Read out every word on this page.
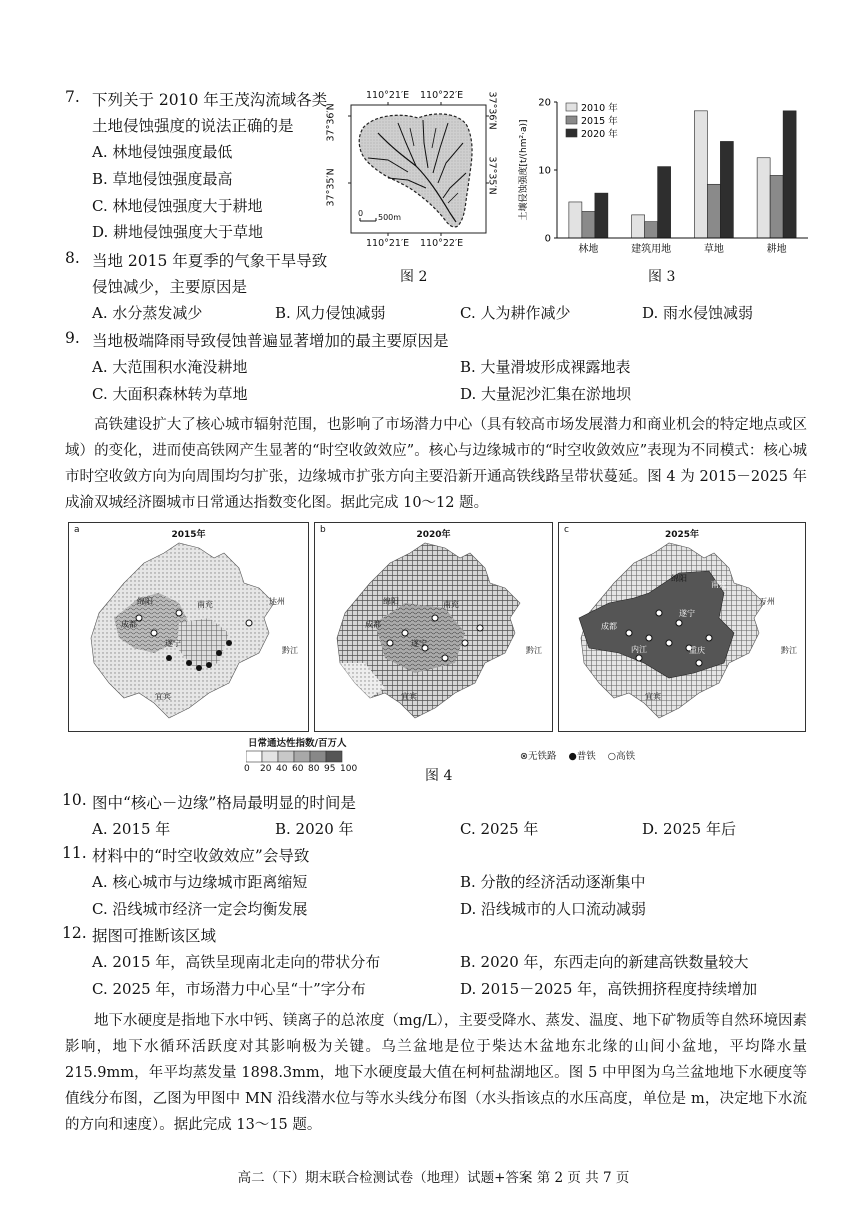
7. 下列关于 2010 年王茂沟流域各类
土地侵蚀强度的说法正确的是
A. 林地侵蚀强度最低
B. 草地侵蚀强度最高
C. 林地侵蚀强度大于耕地
D. 耕地侵蚀强度大于草地
8. 当地 2015 年夏季的气象干旱导致
侵蚀减少，主要原因是
A. 水分蒸发减少	B. 风力侵蚀减弱	C. 人为耕作减少	D. 雨水侵蚀减弱
9. 当地极端降雨导致侵蚀普遍显著增加的最主要原因是
A. 大范围积水淹没耕地	B. 大量滑坡形成裸露地表
C. 大面积森林转为草地	D. 大量泥沙汇集在淤地坝
110°21′E 110°22′E
110°21′E 110°22′E
37°36′N
37°35′N
37°36′N
37°35′N
0 500m
图 2
0
10
20
林地	建筑用地	草地	耕地
2010 年
2015 年
2020 年
土壤侵蚀强度[t/(hm²·a)]
图 3
高铁建设扩大了核心城市辐射范围，也影响了市场潜力中心（具有较高市场发展潜力和商业机会的特定地点或区域）的变化，进而使高铁网产生显著的“时空收敛效应”。核心与边缘城市的“时空收敛效应”表现为不同模式：核心城市时空收敛方向为向周围均匀扩张，边缘城市扩张方向主要沿新开通高铁线路呈带状蔓延。图 4 为 2015－2025 年成渝双城经济圈城市日常通达指数变化图。据此完成 10～12 题。
a	2015年
绵阳	南充
成都
遂宁
黔江
宜宾
达州
b	2020年
绵阳	南充
成都
遂宁
黔江
宜宾
c	2025年
绵阳
南充
成都
遂宁
内江	重庆	黔江
宜宾
万州
日常通达性指数/百万人
0 20 40 60 80 95 100
⊗无铁路 ●普铁 ○高铁
图 4
10. 图中“核心－边缘”格局最明显的时间是
A. 2015 年	B. 2020 年	C. 2025 年	D. 2025 年后
11. 材料中的“时空收敛效应”会导致
A. 核心城市与边缘城市距离缩短	B. 分散的经济活动逐渐集中
C. 沿线城市经济一定会均衡发展	D. 沿线城市的人口流动减弱
12. 据图可推断该区域
A. 2015 年，高铁呈现南北走向的带状分布	B. 2020 年，东西走向的新建高铁数量较大
C. 2025 年，市场潜力中心呈“十”字分布	D. 2015－2025 年，高铁拥挤程度持续增加
地下水硬度是指地下水中钙、镁离子的总浓度（mg/L），主要受降水、蒸发、温度、地下矿物质等自然环境因素影响，地下水循环活跃度对其影响极为关键。乌兰盆地是位于柴达木盆地东北缘的山间小盆地，平均降水量 215.9mm，年平均蒸发量 1898.3mm，地下水硬度最大值在柯柯盐湖地区。图 5 中甲图为乌兰盆地地下水硬度等值线分布图，乙图为甲图中 MN 沿线潜水位与等水头线分布图（水头指该点的水压高度，单位是 m，决定地下水流的方向和速度）。据此完成 13～15 题。
高二（下）期末联合检测试卷（地理）试题+答案 第 2 页 共 7 页
